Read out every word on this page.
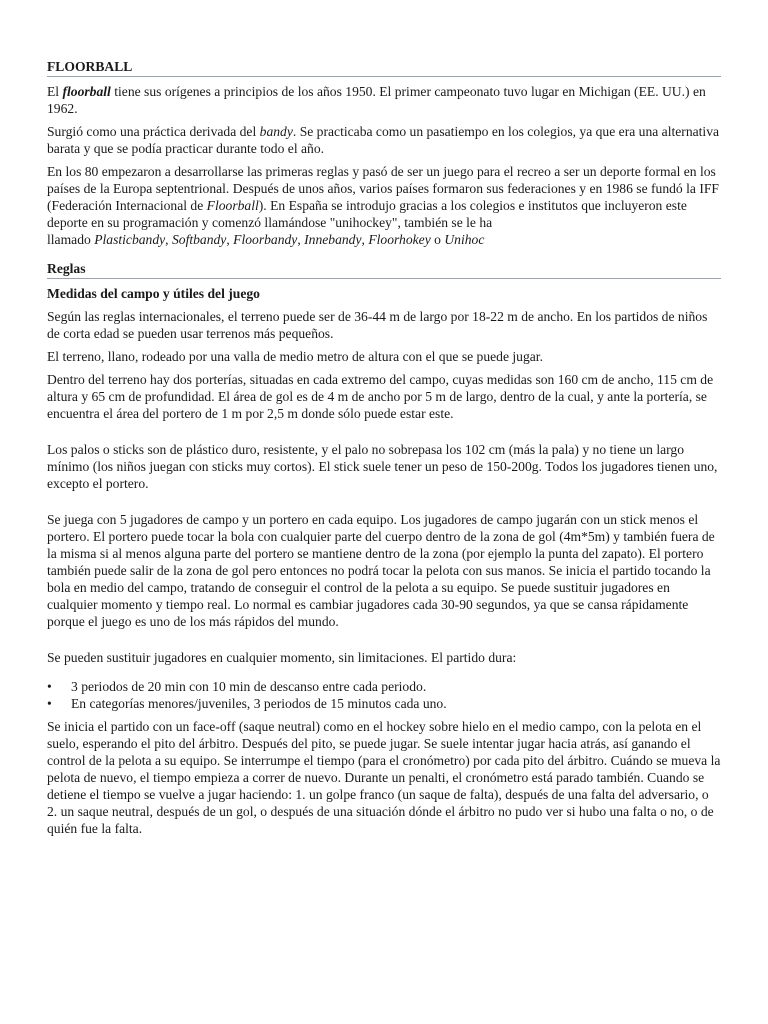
FLOORBALL

El floorball tiene sus orígenes a principios de los años 1950. El primer campeonato tuvo lugar en Michigan (EE. UU.) en 1962.

Surgió como una práctica derivada del bandy. Se practicaba como un pasatiempo en los colegios, ya que era una alternativa barata y que se podía practicar durante todo el año.

En los 80 empezaron a desarrollarse las primeras reglas y pasó de ser un juego para el recreo a ser un deporte formal en los países de la Europa septentrional. Después de unos años, varios países formaron sus federaciones y en 1986 se fundó la IFF (Federación Internacional de Floorball). En España se introdujo gracias a los colegios e institutos que incluyeron este deporte en su programación y comenzó llamándose "unihockey", también se le ha

llamado Plasticbandy, Softbandy, Floorbandy, Innebandy, Floorhokey o Unihoc

Reglas
Medidas del campo y útiles del juego

Según las reglas internacionales, el terreno puede ser de 36-44 m de largo por 18-22 m de ancho. En los partidos de niños de corta edad se pueden usar terrenos más pequeños.

El terreno, llano, rodeado por una valla de medio metro de altura con el que se puede jugar.

Dentro del terreno hay dos porterías, situadas en cada extremo del campo, cuyas medidas son 160 cm de ancho, 115 cm de altura y 65 cm de profundidad. El área de gol es de 4 m de ancho por 5 m de largo, dentro de la cual, y ante la portería, se encuentra el área del portero de 1 m por 2,5 m donde sólo puede estar este.

Los palos o sticks son de plástico duro, resistente, y el palo no sobrepasa los 102 cm (más la pala) y no tiene un largo mínimo (los niños juegan con sticks muy cortos). El stick suele tener un peso de 150-200g. Todos los jugadores tienen uno, excepto el portero.

Se juega con 5 jugadores de campo y un portero en cada equipo. Los jugadores de campo jugarán con un stick menos el portero. El portero puede tocar la bola con cualquier parte del cuerpo dentro de la zona de gol (4m*5m) y también fuera de la misma si al menos alguna parte del portero se mantiene dentro de la zona (por ejemplo la punta del zapato). El portero también puede salir de la zona de gol pero entonces no podrá tocar la pelota con sus manos. Se inicia el partido tocando la bola en medio del campo, tratando de conseguir el control de la pelota a su equipo. Se puede sustituir jugadores en cualquier momento y tiempo real. Lo normal es cambiar jugadores cada 30-90 segundos, ya que se cansa rápidamente porque el juego es uno de los más rápidos del mundo.

Se pueden sustituir jugadores en cualquier momento, sin limitaciones. El partido dura:

• 3 periodos de 20 min con 10 min de descanso entre cada periodo.
• En categorías menores/juveniles, 3 periodos de 15 minutos cada uno.

Se inicia el partido con un face-off (saque neutral) como en el hockey sobre hielo en el medio campo, con la pelota en el suelo, esperando el pito del árbitro. Después del pito, se puede jugar. Se suele intentar jugar hacia atrás, así ganando el control de la pelota a su equipo. Se interrumpe el tiempo (para el cronómetro) por cada pito del árbitro. Cuándo se mueva la pelota de nuevo, el tiempo empieza a correr de nuevo. Durante un penalti, el cronómetro está parado también. Cuando se detiene el tiempo se vuelve a jugar haciendo: 1. un golpe franco (un saque de falta), después de una falta del adversario, o 2. un saque neutral, después de un gol, o después de una situación dónde el árbitro no pudo ver si hubo una falta o no, o de quién fue la falta.
